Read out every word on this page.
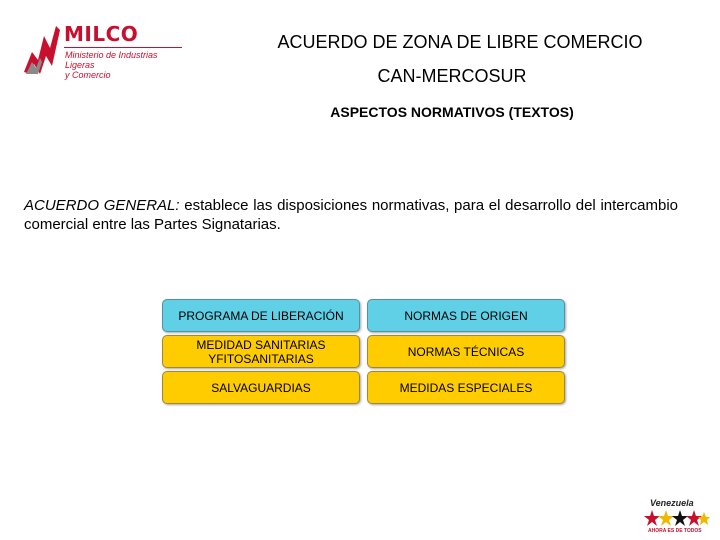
MILCO
Ministerio de Industrias Ligeras
y Comercio
ACUERDO DE ZONA DE LIBRE COMERCIO
CAN-MERCOSUR
ASPECTOS NORMATIVOS (TEXTOS)
ACUERDO GENERAL: establece las disposiciones normativas, para el desarrollo del intercambio comercial entre las Partes Signatarias.
PROGRAMA DE LIBERACIÓN	NORMAS DE ORIGEN
MEDIDAD SANITARIAS YFITOSANITARIAS	NORMAS TÉCNICAS
SALVAGUARDIAS	MEDIDAS ESPECIALES
Venezuela
AHORA ES DE TODOS
